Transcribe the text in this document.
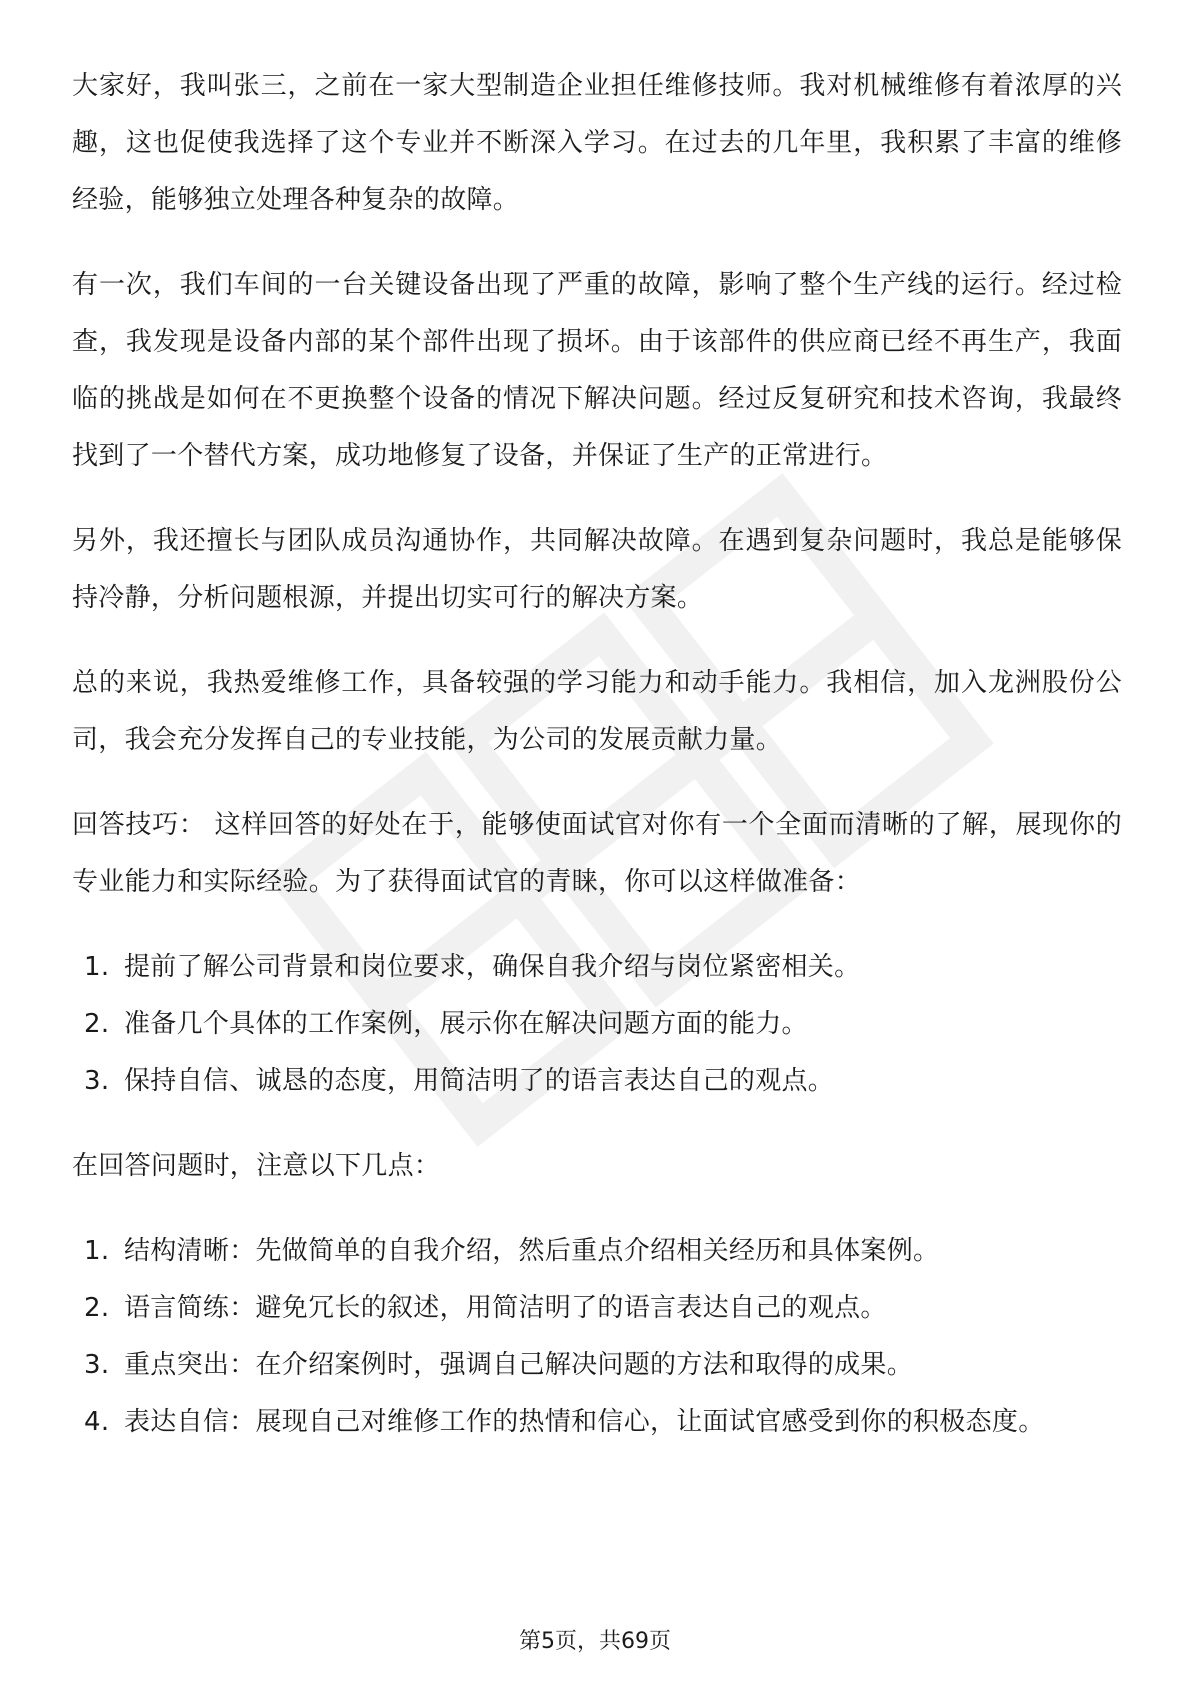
大家好，我叫张三，之前在一家大型制造企业担任维修技师。我对机械维修有着浓厚的兴趣，这也促使我选择了这个专业并不断深入学习。在过去的几年里，我积累了丰富的维修经验，能够独立处理各种复杂的故障。

有一次，我们车间的一台关键设备出现了严重的故障，影响了整个生产线的运行。经过检查，我发现是设备内部的某个部件出现了损坏。由于该部件的供应商已经不再生产，我面临的挑战是如何在不更换整个设备的情况下解决问题。经过反复研究和技术咨询，我最终找到了一个替代方案，成功地修复了设备，并保证了生产的正常进行。

另外，我还擅长与团队成员沟通协作，共同解决故障。在遇到复杂问题时，我总是能够保持冷静，分析问题根源，并提出切实可行的解决方案。

总的来说，我热爱维修工作，具备较强的学习能力和动手能力。我相信，加入龙洲股份公司，我会充分发挥自己的专业技能，为公司的发展贡献力量。

回答技巧： 这样回答的好处在于，能够使面试官对你有一个全面而清晰的了解，展现你的专业能力和实际经验。为了获得面试官的青睐，你可以这样做准备：

1. 提前了解公司背景和岗位要求，确保自我介绍与岗位紧密相关。
2. 准备几个具体的工作案例，展示你在解决问题方面的能力。
3. 保持自信、诚恳的态度，用简洁明了的语言表达自己的观点。

在回答问题时，注意以下几点：

1. 结构清晰：先做简单的自我介绍，然后重点介绍相关经历和具体案例。
2. 语言简练：避免冗长的叙述，用简洁明了的语言表达自己的观点。
3. 重点突出：在介绍案例时，强调自己解决问题的方法和取得的成果。
4. 表达自信：展现自己对维修工作的热情和信心，让面试官感受到你的积极态度。
第5页，共69页
